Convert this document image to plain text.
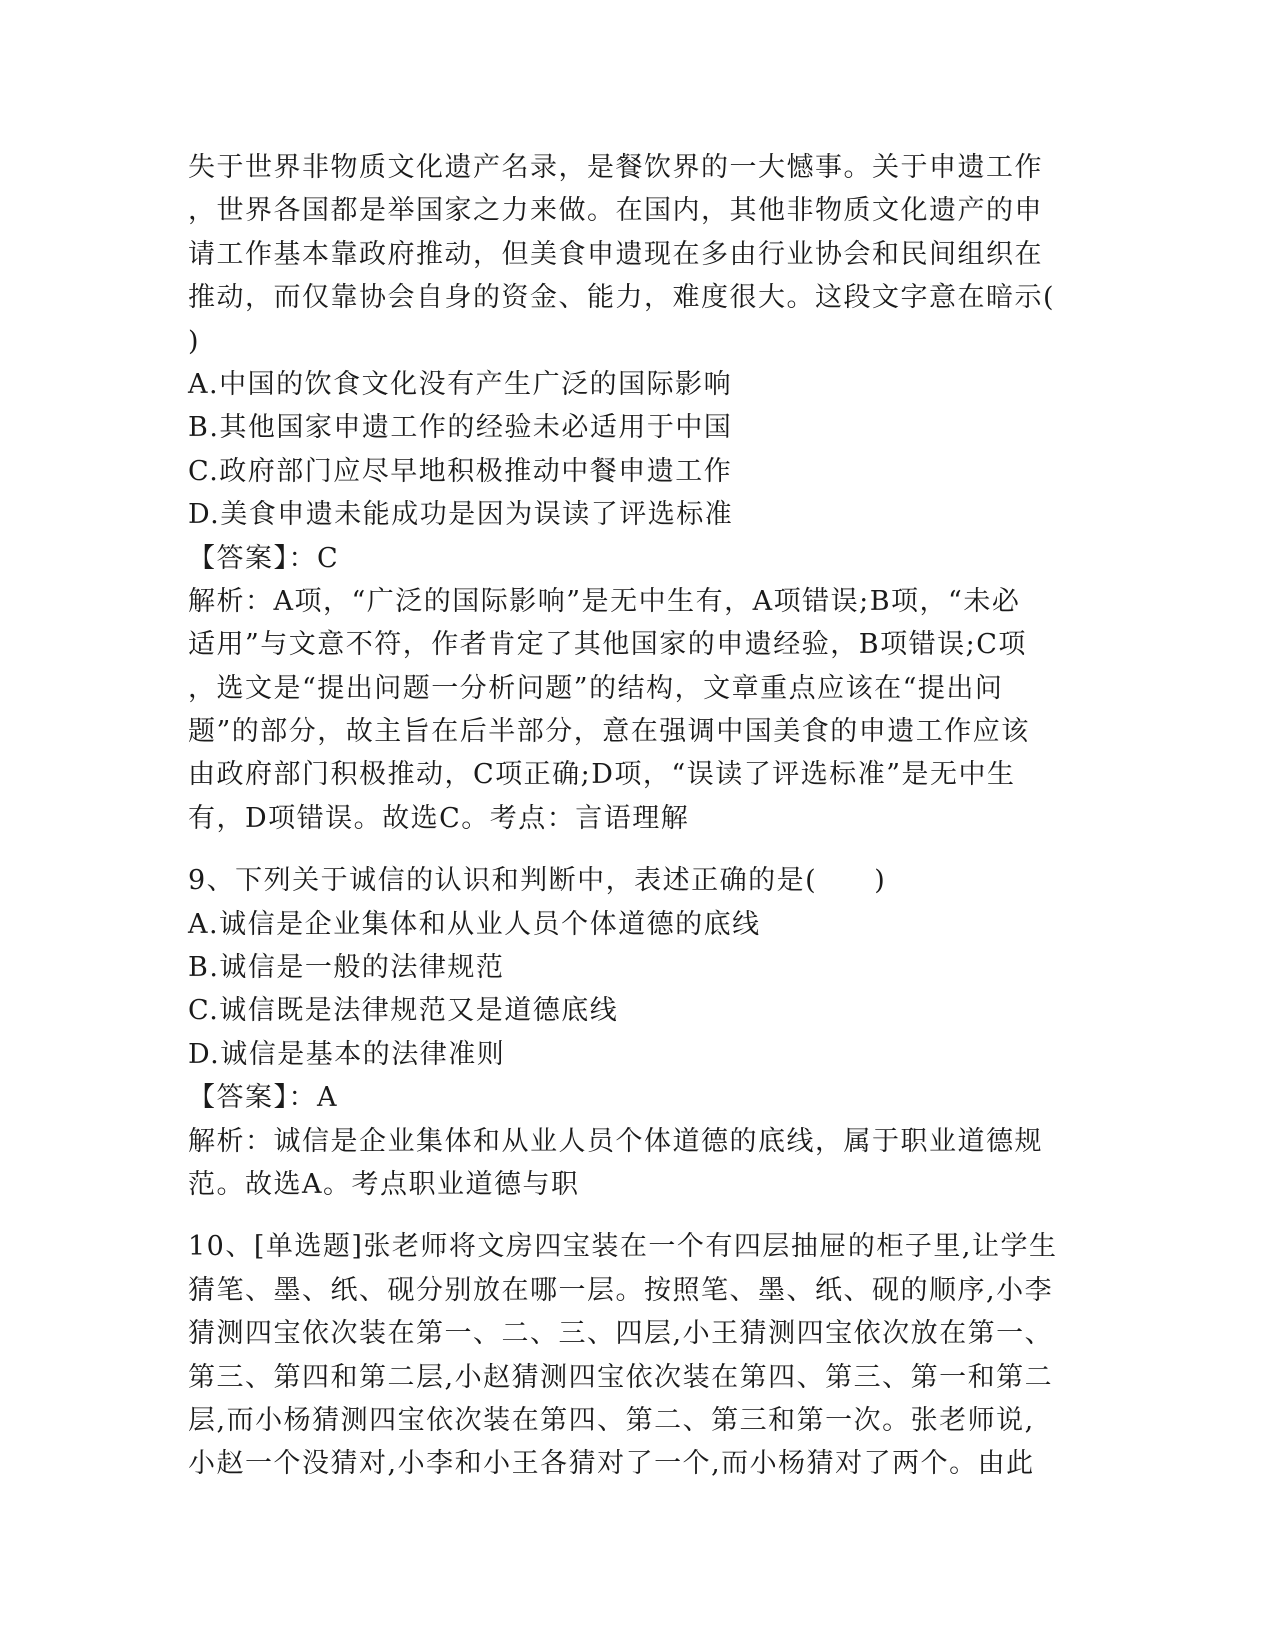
失于世界非物质文化遗产名录，是餐饮界的一大憾事。关于申遗工作
，世界各国都是举国家之力来做。在国内，其他非物质文化遗产的申
请工作基本靠政府推动，但美食申遗现在多由行业协会和民间组织在
推动，而仅靠协会自身的资金、能力，难度很大。这段文字意在暗示(
)
A.中国的饮食文化没有产生广泛的国际影响
B.其他国家申遗工作的经验未必适用于中国
C.政府部门应尽早地积极推动中餐申遗工作
D.美食申遗未能成功是因为误读了评选标准
【答案】：C
解析：A项，“广泛的国际影响”是无中生有，A项错误;B项，“未必
适用”与文意不符，作者肯定了其他国家的申遗经验，B项错误;C项
，选文是“提出问题一分析问题”的结构，文章重点应该在“提出问
题”的部分，故主旨在后半部分，意在强调中国美食的申遗工作应该
由政府部门积极推动，C项正确;D项，“误读了评选标准”是无中生
有，D项错误。故选C。考点：言语理解
9、下列关于诚信的认识和判断中，表述正确的是(　　)
A.诚信是企业集体和从业人员个体道德的底线
B.诚信是一般的法律规范
C.诚信既是法律规范又是道德底线
D.诚信是基本的法律准则
【答案】：A
解析：诚信是企业集体和从业人员个体道德的底线，属于职业道德规
范。故选A。考点职业道德与职
10、[单选题]张老师将文房四宝装在一个有四层抽屉的柜子里,让学生
猜笔、墨、纸、砚分别放在哪一层。按照笔、墨、纸、砚的顺序,小李
猜测四宝依次装在第一、二、三、四层,小王猜测四宝依次放在第一、
第三、第四和第二层,小赵猜测四宝依次装在第四、第三、第一和第二
层,而小杨猜测四宝依次装在第四、第二、第三和第一次。张老师说,
小赵一个没猜对,小李和小王各猜对了一个,而小杨猜对了两个。由此
